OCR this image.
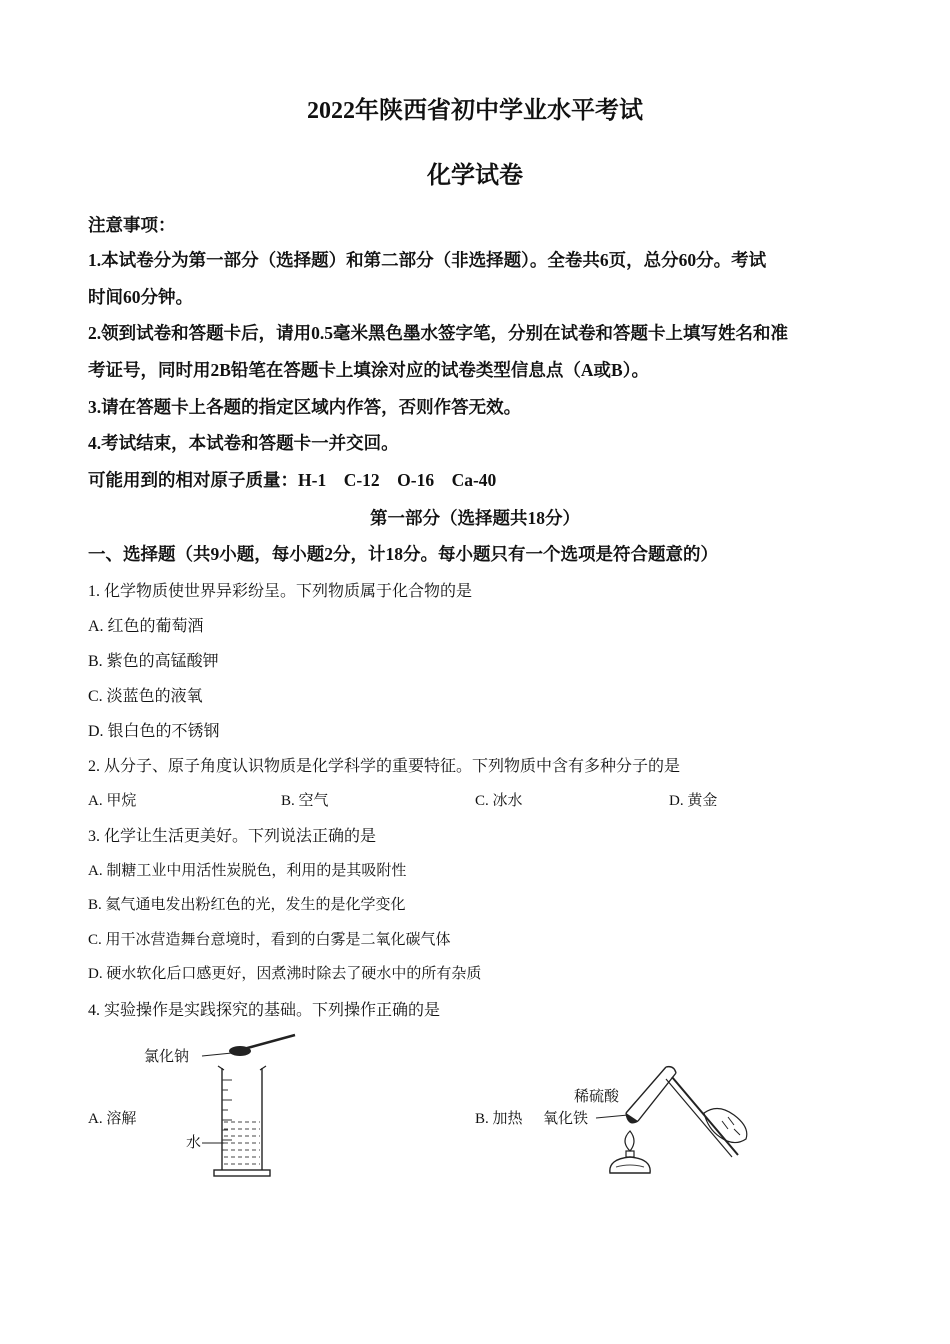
2022年陕西省初中学业水平考试
化学试卷
注意事项：
1.本试卷分为第一部分（选择题）和第二部分（非选择题）。全卷共6页，总分60分。考试
时间60分钟。
2.领到试卷和答题卡后，请用0.5毫米黑色墨水签字笔，分别在试卷和答题卡上填写姓名和准
考证号，同时用2B铅笔在答题卡上填涂对应的试卷类型信息点（A或B）。
3.请在答题卡上各题的指定区域内作答，否则作答无效。
4.考试结束，本试卷和答题卡一并交回。
可能用到的相对原子质量：H-1　C-12　O-16　Ca-40
第一部分（选择题共18分）
一、选择题（共9小题，每小题2分，计18分。每小题只有一个选项是符合题意的）
1. 化学物质使世界异彩纷呈。下列物质属于化合物的是
A. 红色的葡萄酒
B. 紫色的高锰酸钾
C. 淡蓝色的液氧
D. 银白色的不锈钢
2. 从分子、原子角度认识物质是化学科学的重要特征。下列物质中含有多种分子的是
A. 甲烷	B. 空气	C. 冰水	D. 黄金
3. 化学让生活更美好。下列说法正确的是
A. 制糖工业中用活性炭脱色，利用的是其吸附性
B. 氦气通电发出粉红色的光，发生的是化学变化
C. 用干冰营造舞台意境时，看到的白雾是二氧化碳气体
D. 硬水软化后口感更好，因煮沸时除去了硬水中的所有杂质
4. 实验操作是实践探究的基础。下列操作正确的是
A. 溶解	B. 加热
氯化钠
水
稀硫酸
氧化铁
